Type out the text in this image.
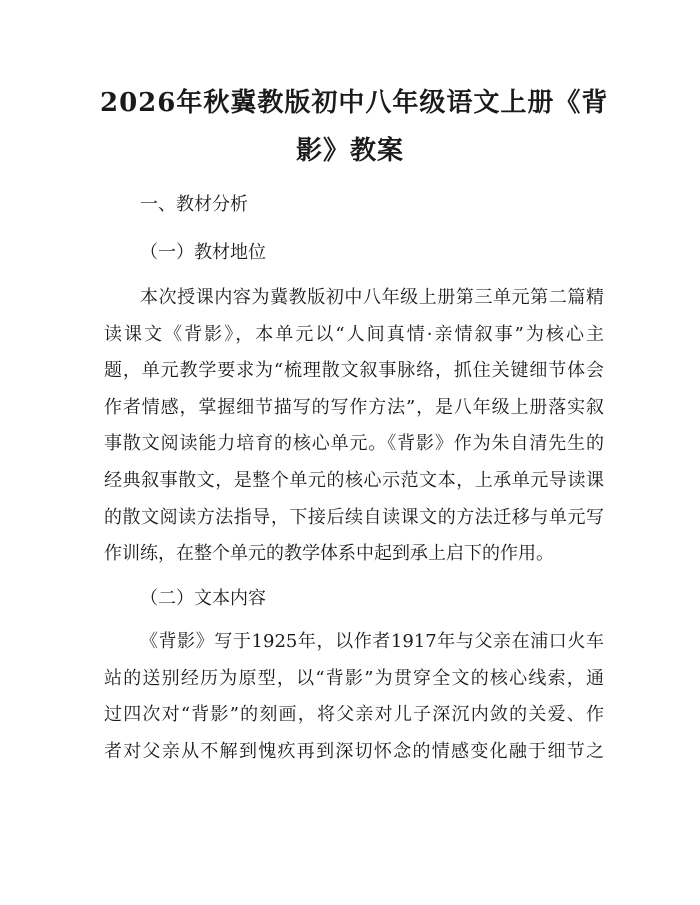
2026年秋冀教版初中八年级语文上册《背
影》教案
一、教材分析
（一）教材地位
本次授课内容为冀教版初中八年级上册第三单元第二篇精
读课文《背影》，本单元以“人间真情·亲情叙事”为核心主
题，单元教学要求为“梳理散文叙事脉络，抓住关键细节体会
作者情感，掌握细节描写的写作方法”，是八年级上册落实叙
事散文阅读能力培育的核心单元。《背影》作为朱自清先生的
经典叙事散文，是整个单元的核心示范文本，上承单元导读课
的散文阅读方法指导，下接后续自读课文的方法迁移与单元写
作训练，在整个单元的教学体系中起到承上启下的作用。
（二）文本内容
《背影》写于1925年，以作者1917年与父亲在浦口火车
站的送别经历为原型，以“背影”为贯穿全文的核心线索，通
过四次对“背影”的刻画，将父亲对儿子深沉内敛的关爱、作
者对父亲从不解到愧疚再到深切怀念的情感变化融于细节之
